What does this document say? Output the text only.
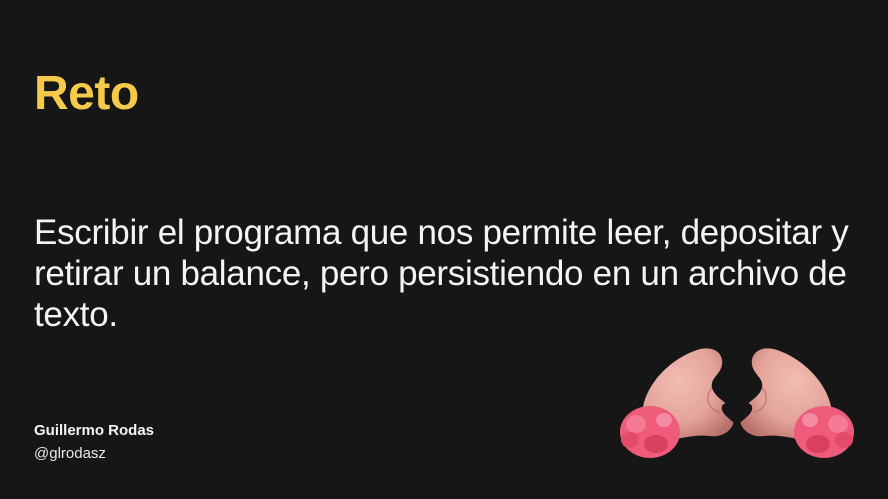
Reto

Escribir el programa que nos permite leer, depositar y retirar un balance, pero persistiendo en un archivo de texto.

Guillermo Rodas
@glrodasz
